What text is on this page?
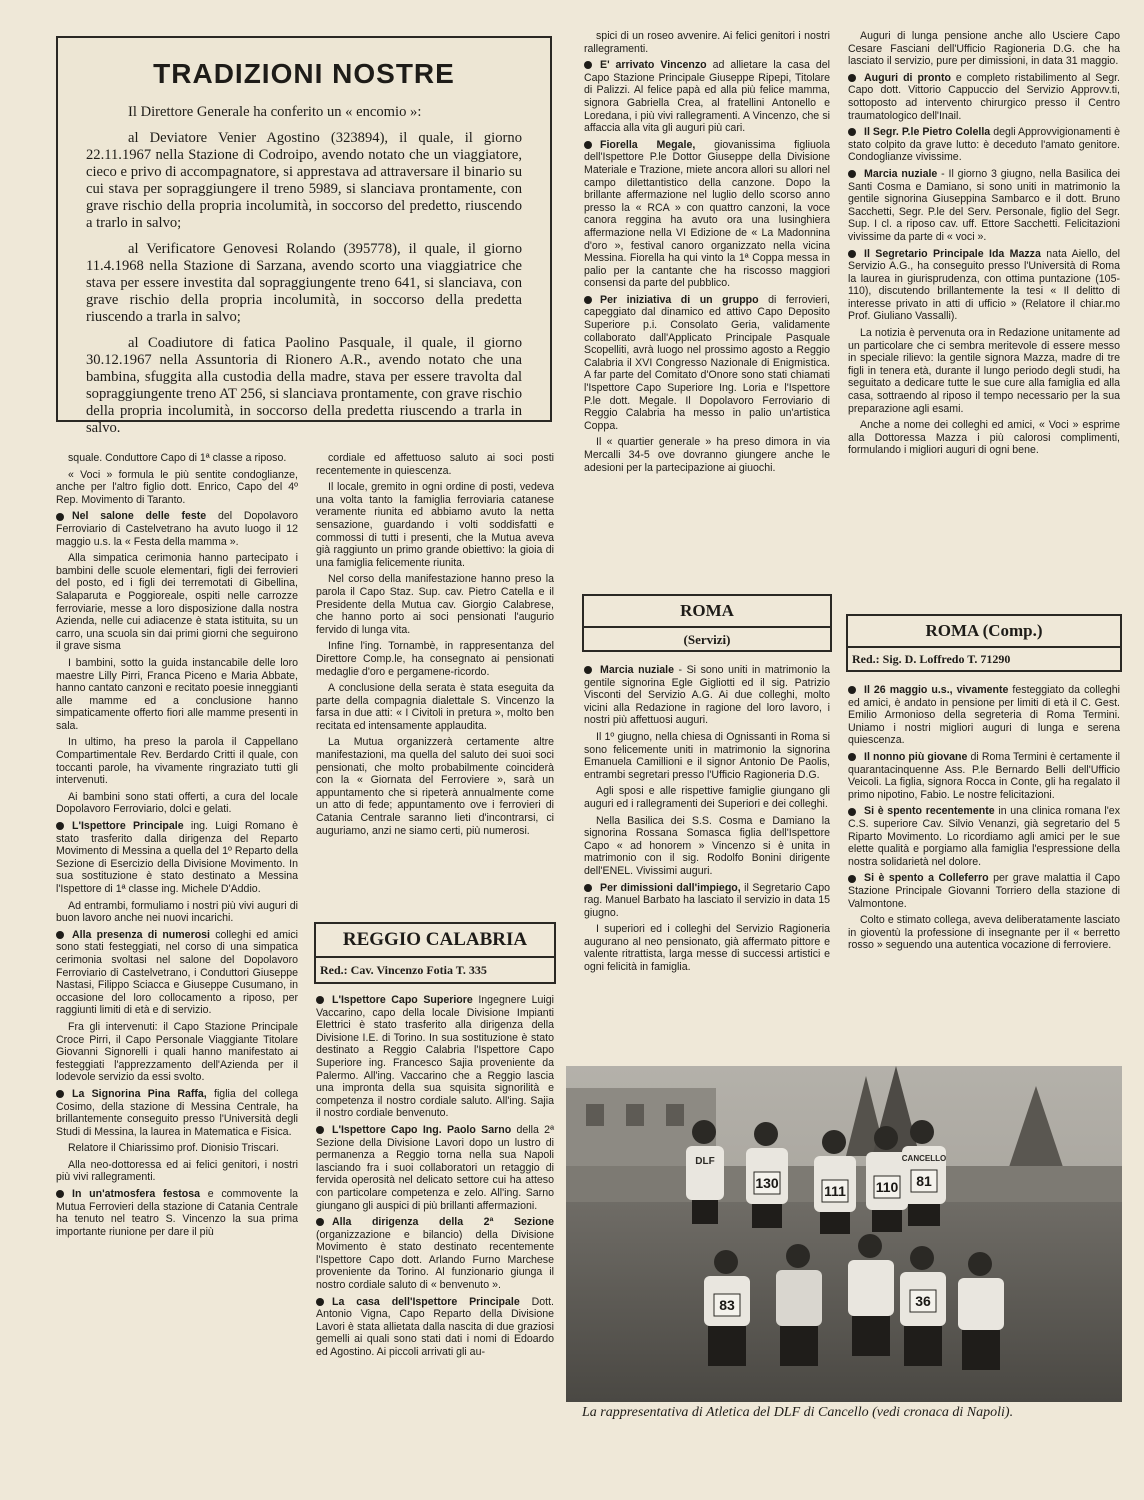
TRADIZIONI NOSTRE

Il Direttore Generale ha conferito un « encomio »:

al Deviatore Venier Agostino (323894), il quale, il giorno 22.11.1967 nella Stazione di Codroipo, avendo notato che un viaggiatore, cieco e privo di accompagnatore, si apprestava ad attraversare il binario su cui stava per sopraggiungere il treno 5989, si slanciava prontamente, con grave rischio della propria incolumità, in soccorso del predetto, riuscendo a trarlo in salvo;

al Verificatore Genovesi Rolando (395778), il quale, il giorno 11.4.1968 nella Stazione di Sarzana, avendo scorto una viaggiatrice che stava per essere investita dal sopraggiungente treno 641, si slanciava, con grave rischio della propria incolumità, in soccorso della predetta riuscendo a trarla in salvo;

al Coadiutore di fatica Paolino Pasquale, il quale, il giorno 30.12.1967 nella Assuntoria di Rionero A.R., avendo notato che una bambina, sfuggita alla custodia della madre, stava per essere travolta dal sopraggiungente treno AT 256, si slanciava prontamente, con grave rischio della propria incolumità, in soccorso della predetta riuscendo a trarla in salvo.

squale. Conduttore Capo di 1ª classe a riposo.

« Voci » formula le più sentite condoglianze, anche per l'altro figlio dott. Enrico, Capo del 4º Rep. Movimento di Taranto.

Nel salone delle feste del Dopolavoro Ferroviario di Castelvetrano ha avuto luogo il 12 maggio u.s. la « Festa della mamma ».

Alla simpatica cerimonia hanno partecipato i bambini delle scuole elementari, figli dei ferrovieri del posto, ed i figli dei terremotati di Gibellina, Salaparuta e Poggioreale, ospiti nelle carrozze ferroviarie, messe a loro disposizione dalla nostra Azienda, nelle cui adiacenze è stata istituita, su un carro, una scuola sin dai primi giorni che seguirono il grave sisma

I bambini, sotto la guida instancabile delle loro maestre Lilly Pirri, Franca Piceno e Maria Abbate, hanno cantato canzoni e recitato poesie inneggianti alle mamme ed a conclusione hanno simpaticamente offerto fiori alle mamme presenti in sala.

In ultimo, ha preso la parola il Cappellano Compartimentale Rev. Berdardo Critti il quale, con toccanti parole, ha vivamente ringraziato tutti gli intervenuti.

Ai bambini sono stati offerti, a cura del locale Dopolavoro Ferroviario, dolci e gelati.

L'Ispettore Principale ing. Luigi Romano è stato trasferito dalla dirigenza del Reparto Movimento di Messina a quella del 1º Reparto della Sezione di Esercizio della Divisione Movimento. In sua sostituzione è stato destinato a Messina l'Ispettore di 1ª classe ing. Michele D'Addio.

Ad entrambi, formuliamo i nostri più vivi auguri di buon lavoro anche nei nuovi incarichi.

Alla presenza di numerosi colleghi ed amici sono stati festeggiati, nel corso di una simpatica cerimonia svoltasi nel salone del Dopolavoro Ferroviario di Castelvetrano, i Conduttori Giuseppe Nastasi, Filippo Sciacca e Giuseppe Cusumano, in occasione del loro collocamento a riposo, per raggiunti limiti di età e di servizio.

Fra gli intervenuti: il Capo Stazione Principale Croce Pirri, il Capo Personale Viaggiante Titolare Giovanni Signorelli i quali hanno manifestato ai festeggiati l'apprezzamento dell'Azienda per il lodevole servizio da essi svolto.

La Signorina Pina Raffa, figlia del collega Cosimo, della stazione di Messina Centrale, ha brillantemente conseguito presso l'Università degli Studi di Messina, la laurea in Matematica e Fisica.

Relatore il Chiarissimo prof. Dionisio Triscari.

Alla neo-dottoressa ed ai felici genitori, i nostri più vivi rallegramenti.

In un'atmosfera festosa e commovente la Mutua Ferrovieri della stazione di Catania Centrale ha tenuto nel teatro S. Vincenzo la sua prima importante riunione per dare il più

cordiale ed affettuoso saluto ai soci posti recentemente in quiescenza.

Il locale, gremito in ogni ordine di posti, vedeva una volta tanto la famiglia ferroviaria catanese veramente riunita ed abbiamo avuto la netta sensazione, guardando i volti soddisfatti e commossi di tutti i presenti, che la Mutua aveva già raggiunto un primo grande obiettivo: la gioia di una famiglia felicemente riunita.

Nel corso della manifestazione hanno preso la parola il Capo Staz. Sup. cav. Pietro Catella e il Presidente della Mutua cav. Giorgio Calabrese, che hanno porto ai soci pensionati l'augurio fervido di lunga vita.

Infine l'ing. Tornambè, in rappresentanza del Direttore Comp.le, ha consegnato ai pensionati medaglie d'oro e pergamene-ricordo.

A conclusione della serata è stata eseguita da parte della compagnia dialettale S. Vincenzo la farsa in due atti: « I Civitoli in pretura », molto ben recitata ed intensamente applaudita.

La Mutua organizzerà certamente altre manifestazioni, ma quella del saluto dei suoi soci pensionati, che molto probabilmente coinciderà con la « Giornata del Ferroviere », sarà un appuntamento che si ripeterà annualmente come un atto di fede; appuntamento ove i ferrovieri di Catania Centrale saranno lieti d'incontrarsi, ci auguriamo, anzi ne siamo certi, più numerosi.

REGGIO CALABRIA
Red.: Cav. Vincenzo Fotia T. 335

L'Ispettore Capo Superiore Ingegnere Luigi Vaccarino, capo della locale Divisione Impianti Elettrici è stato trasferito alla dirigenza della Divisione I.E. di Torino. In sua sostituzione è stato destinato a Reggio Calabria l'Ispettore Capo Superiore ing. Francesco Sajia proveniente da Palermo. All'ing. Vaccarino che a Reggio lascia una impronta della sua squisita signorilità e competenza il nostro cordiale saluto. All'ing. Sajia il nostro cordiale benvenuto.

L'Ispettore Capo Ing. Paolo Sarno della 2ª Sezione della Divisione Lavori dopo un lustro di permanenza a Reggio torna nella sua Napoli lasciando fra i suoi collaboratori un retaggio di fervida operosità nel delicato settore cui ha atteso con particolare competenza e zelo. All'ing. Sarno giungano gli auspici di più brillanti affermazioni.

Alla dirigenza della 2ª Sezione (organizzazione e bilancio) della Divisione Movimento è stato destinato recentemente l'Ispettore Capo dott. Arlando Furno Marchese proveniente da Torino. Al funzionario giunga il nostro cordiale saluto di « benvenuto ».

La casa dell'Ispettore Principale Dott. Antonio Vigna, Capo Reparto della Divisione Lavori è stata allietata dalla nascita di due graziosi gemelli ai quali sono stati dati i nomi di Edoardo ed Agostino. Ai piccoli arrivati gli au-

spici di un roseo avvenire. Ai felici genitori i nostri rallegramenti.

E' arrivato Vincenzo ad allietare la casa del Capo Stazione Principale Giuseppe Ripepi, Titolare di Palizzi. Al felice papà ed alla più felice mamma, signora Gabriella Crea, al fratellini Antonello e Loredana, i più vivi rallegramenti. A Vincenzo, che si affaccia alla vita gli auguri più cari.

Fiorella Megale, giovanissima figliuola dell'Ispettore P.le Dottor Giuseppe della Divisione Materiale e Trazione, miete ancora allori su allori nel campo dilettantistico della canzone. Dopo la brillante affermazione nel luglio dello scorso anno presso la « RCA » con quattro canzoni, la voce canora reggina ha avuto ora una lusinghiera affermazione nella VI Edizione de « La Madonnina d'oro », festival canoro organizzato nella vicina Messina. Fiorella ha qui vinto la 1ª Coppa messa in palio per la cantante che ha riscosso maggiori consensi da parte del pubblico.

Per iniziativa di un gruppo di ferrovieri, capeggiato dal dinamico ed attivo Capo Deposito Superiore p.i. Consolato Geria, validamente collaborato dall'Applicato Principale Pasquale Scopelliti, avrà luogo nel prossimo agosto a Reggio Calabria il XVI Congresso Nazionale di Enigmistica. A far parte del Comitato d'Onore sono stati chiamati l'Ispettore Capo Superiore Ing. Loria e l'Ispettore P.le dott. Megale. Il Dopolavoro Ferroviario di Reggio Calabria ha messo in palio un'artistica Coppa.

Il « quartier generale » ha preso dimora in via Mercalli 34-5 ove dovranno giungere anche le adesioni per la partecipazione ai giuochi.

ROMA
(Servizi)

Marcia nuziale - Si sono uniti in matrimonio la gentile signorina Egle Gigliotti ed il sig. Patrizio Visconti del Servizio A.G. Ai due colleghi, molto vicini alla Redazione in ragione del loro lavoro, i nostri più affettuosi auguri.

Il 1º giugno, nella chiesa di Ognissanti in Roma si sono felicemente uniti in matrimonio la signorina Emanuela Camillioni e il signor Antonio De Paolis, entrambi segretari presso l'Ufficio Ragioneria D.G.

Agli sposi e alle rispettive famiglie giungano gli auguri ed i rallegramenti dei Superiori e dei colleghi.

Nella Basilica dei S.S. Cosma e Damiano la signorina Rossana Somasca figlia dell'Ispettore Capo « ad honorem » Vincenzo si è unita in matrimonio con il sig. Rodolfo Bonini dirigente dell'ENEL. Vivissimi auguri.

Per dimissioni dall'impiego, il Segretario Capo rag. Manuel Barbato ha lasciato il servizio in data 15 giugno.

I superiori ed i colleghi del Servizio Ragioneria augurano al neo pensionato, già affermato pittore e valente ritrattista, larga messe di successi artistici e ogni felicità in famiglia.

Auguri di lunga pensione anche allo Usciere Capo Cesare Fasciani dell'Ufficio Ragioneria D.G. che ha lasciato il servizio, pure per dimissioni, in data 31 maggio.

Auguri di pronto e completo ristabilimento al Segr. Capo dott. Vittorio Cappuccio del Servizio Approvv.ti, sottoposto ad intervento chirurgico presso il Centro traumatologico dell'Inail.

Il Segr. P.le Pietro Colella degli Approvvigionamenti è stato colpito da grave lutto: è deceduto l'amato genitore. Condoglianze vivissime.

Marcia nuziale - Il giorno 3 giugno, nella Basilica dei Santi Cosma e Damiano, si sono uniti in matrimonio la gentile signorina Giuseppina Sambarco e il dott. Bruno Sacchetti, Segr. P.le del Serv. Personale, figlio del Segr. Sup. I cl. a riposo cav. uff. Ettore Sacchetti. Felicitazioni vivissime da parte di « voci ».

Il Segretario Principale Ida Mazza nata Aiello, del Servizio A.G., ha conseguito presso l'Università di Roma la laurea in giurisprudenza, con ottima puntazione (105-110), discutendo brillantemente la tesi « Il delitto di interesse privato in atti di ufficio » (Relatore il chiar.mo Prof. Giuliano Vassalli).

La notizia è pervenuta ora in Redazione unitamente ad un particolare che ci sembra meritevole di essere messo in speciale rilievo: la gentile signora Mazza, madre di tre figli in tenera età, durante il lungo periodo degli studi, ha seguitato a dedicare tutte le sue cure alla famiglia ed alla casa, sottraendo al riposo il tempo necessario per la sua preparazione agli esami.

Anche a nome dei colleghi ed amici, « Voci » esprime alla Dottoressa Mazza i più calorosi complimenti, formulando i migliori auguri di ogni bene.

ROMA (Comp.)
Red.: Sig. D. Loffredo T. 71290

Il 26 maggio u.s., vivamente festeggiato da colleghi ed amici, è andato in pensione per limiti di età il C. Gest. Emilio Armonioso della segreteria di Roma Termini. Uniamo i nostri migliori auguri di lunga e serena quiescenza.

Il nonno più giovane di Roma Termini è certamente il quarantacinquenne Ass. P.le Bernardo Belli dell'Ufficio Veicoli. La figlia, signora Rocca in Conte, gli ha regalato il primo nipotino, Fabio. Le nostre felicitazioni.

Si è spento recentemente in una clinica romana l'ex C.S. superiore Cav. Silvio Venanzi, già segretario del 5 Riparto Movimento. Lo ricordiamo agli amici per le sue elette qualità e porgiamo alla famiglia l'espressione della nostra solidarietà nel dolore.

Si è spento a Colleferro per grave malattia il Capo Stazione Principale Giovanni Torriero della stazione di Valmontone.

Colto e stimato collega, aveva deliberatamente lasciato in gioventù la professione di insegnante per il « berretto rosso » seguendo una autentica vocazione di ferroviere.

DLF
130	111 110 81
CANCELLO
83	36
La rappresentativa di Atletica del DLF di Cancello (vedi cronaca di Napoli).
